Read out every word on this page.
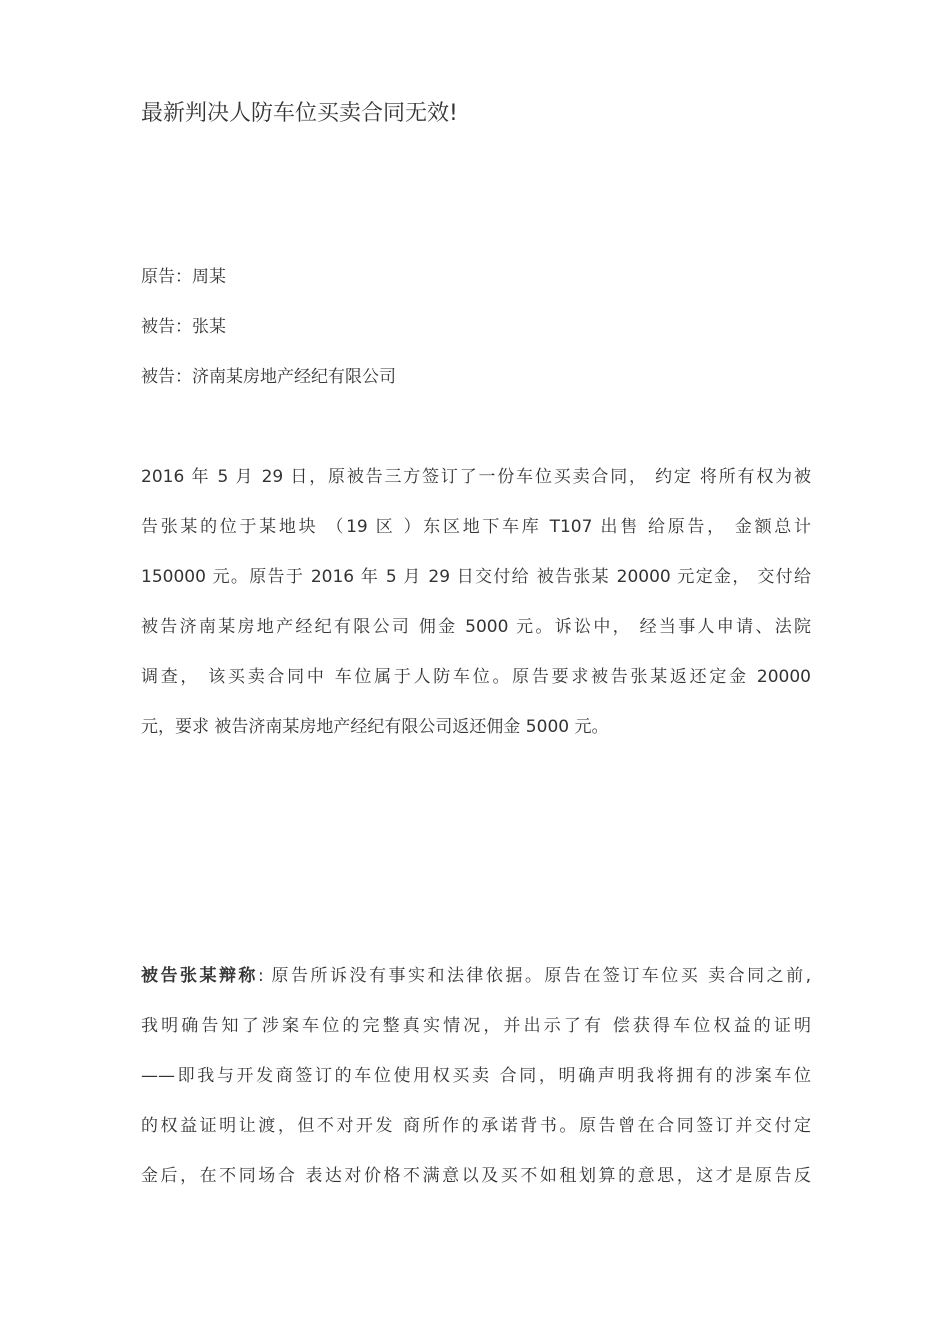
最新判决人防车位买卖合同无效!
原告：周某
被告：张某
被告：济南某房地产经纪有限公司
2016 年 5 月 29 日，原被告三方签订了一份车位买卖合同， 约定 将所有权为被
告张某的位于某地块 （19 区 ）东区地下车库 T107 出售 给原告， 金额总计
150000 元。原告于 2016 年 5 月 29 日交付给 被告张某 20000 元定金， 交付给
被告济南某房地产经纪有限公司 佣金 5000 元。诉讼中， 经当事人申请、法院
调查， 该买卖合同中 车位属于人防车位。原告要求被告张某返还定金 20000
元，要求 被告济南某房地产经纪有限公司返还佣金 5000 元。
被告张某辩称: 原告所诉没有事实和法律依据。原告在签订车位买 卖合同之前,
我明确告知了涉案车位的完整真实情况，并出示了有 偿获得车位权益的证明
——即我与开发商签订的车位使用权买卖 合同，明确声明我将拥有的涉案车位
的权益证明让渡，但不对开发 商所作的承诺背书。原告曾在合同签订并交付定
金后，在不同场合 表达对价格不满意以及买不如租划算的意思，这才是原告反
